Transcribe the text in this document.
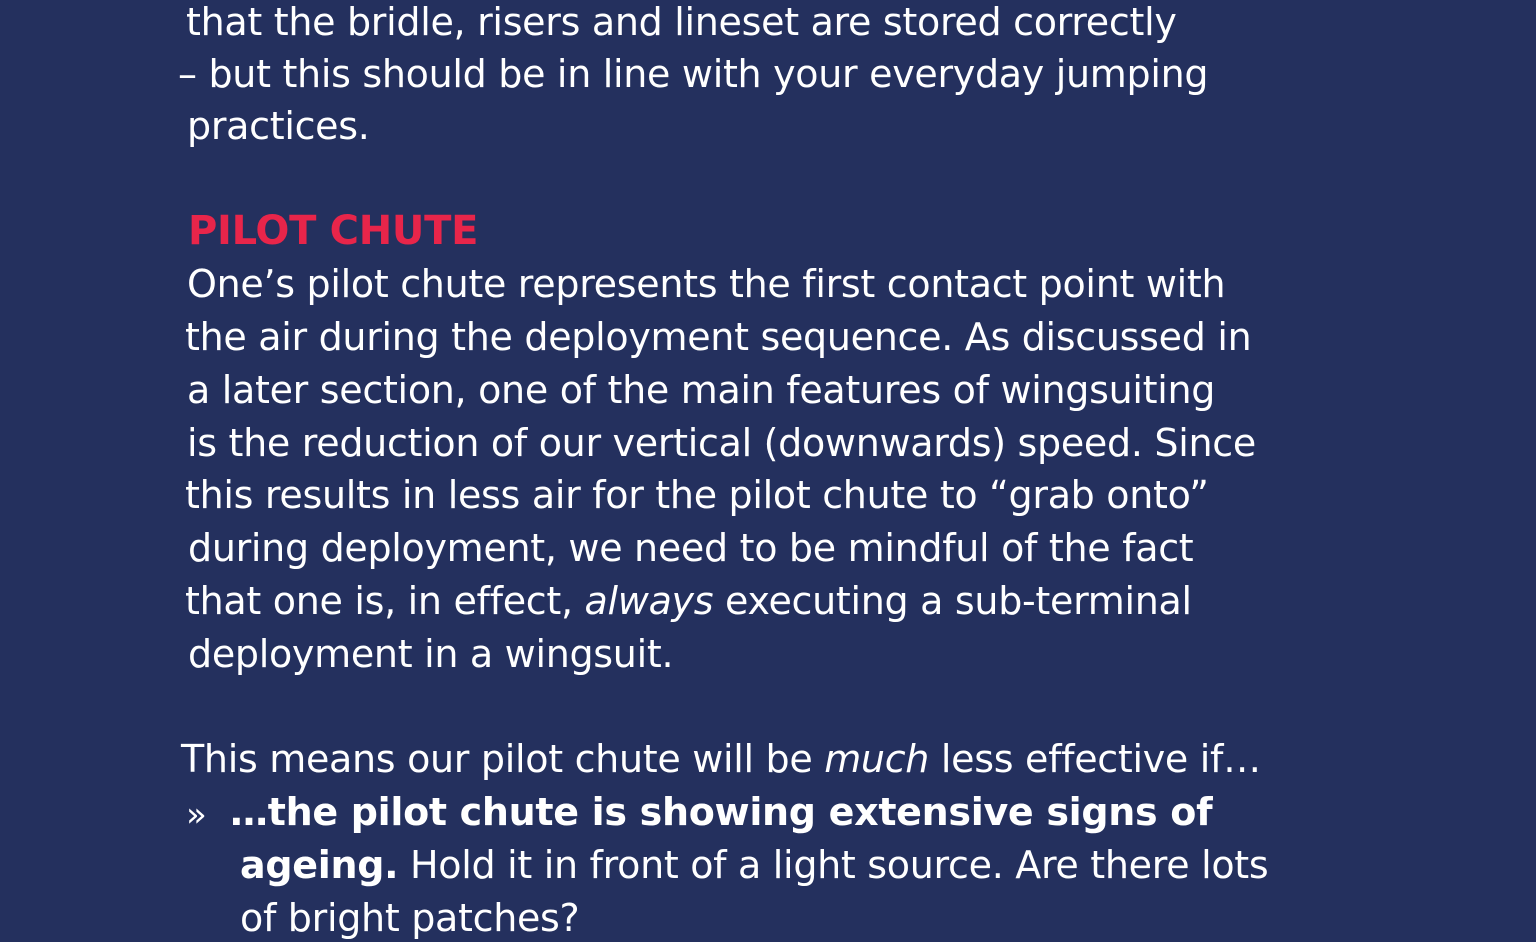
that the bridle, risers and lineset are stored correctly

– but this should be in line with your everyday jumping

practices.

PILOT CHUTE

One’s pilot chute represents the first contact point with

the air during the deployment sequence. As discussed in

a later section, one of the main features of wingsuiting

is the reduction of our vertical (downwards) speed. Since

this results in less air for the pilot chute to “grab onto”

during deployment, we need to be mindful of the fact

that one is, in effect, always executing a sub-terminal

deployment in a wingsuit.

This means our pilot chute will be much less effective if…

» …the pilot chute is showing extensive signs of

ageing. Hold it in front of a light source. Are there lots

of bright patches?
